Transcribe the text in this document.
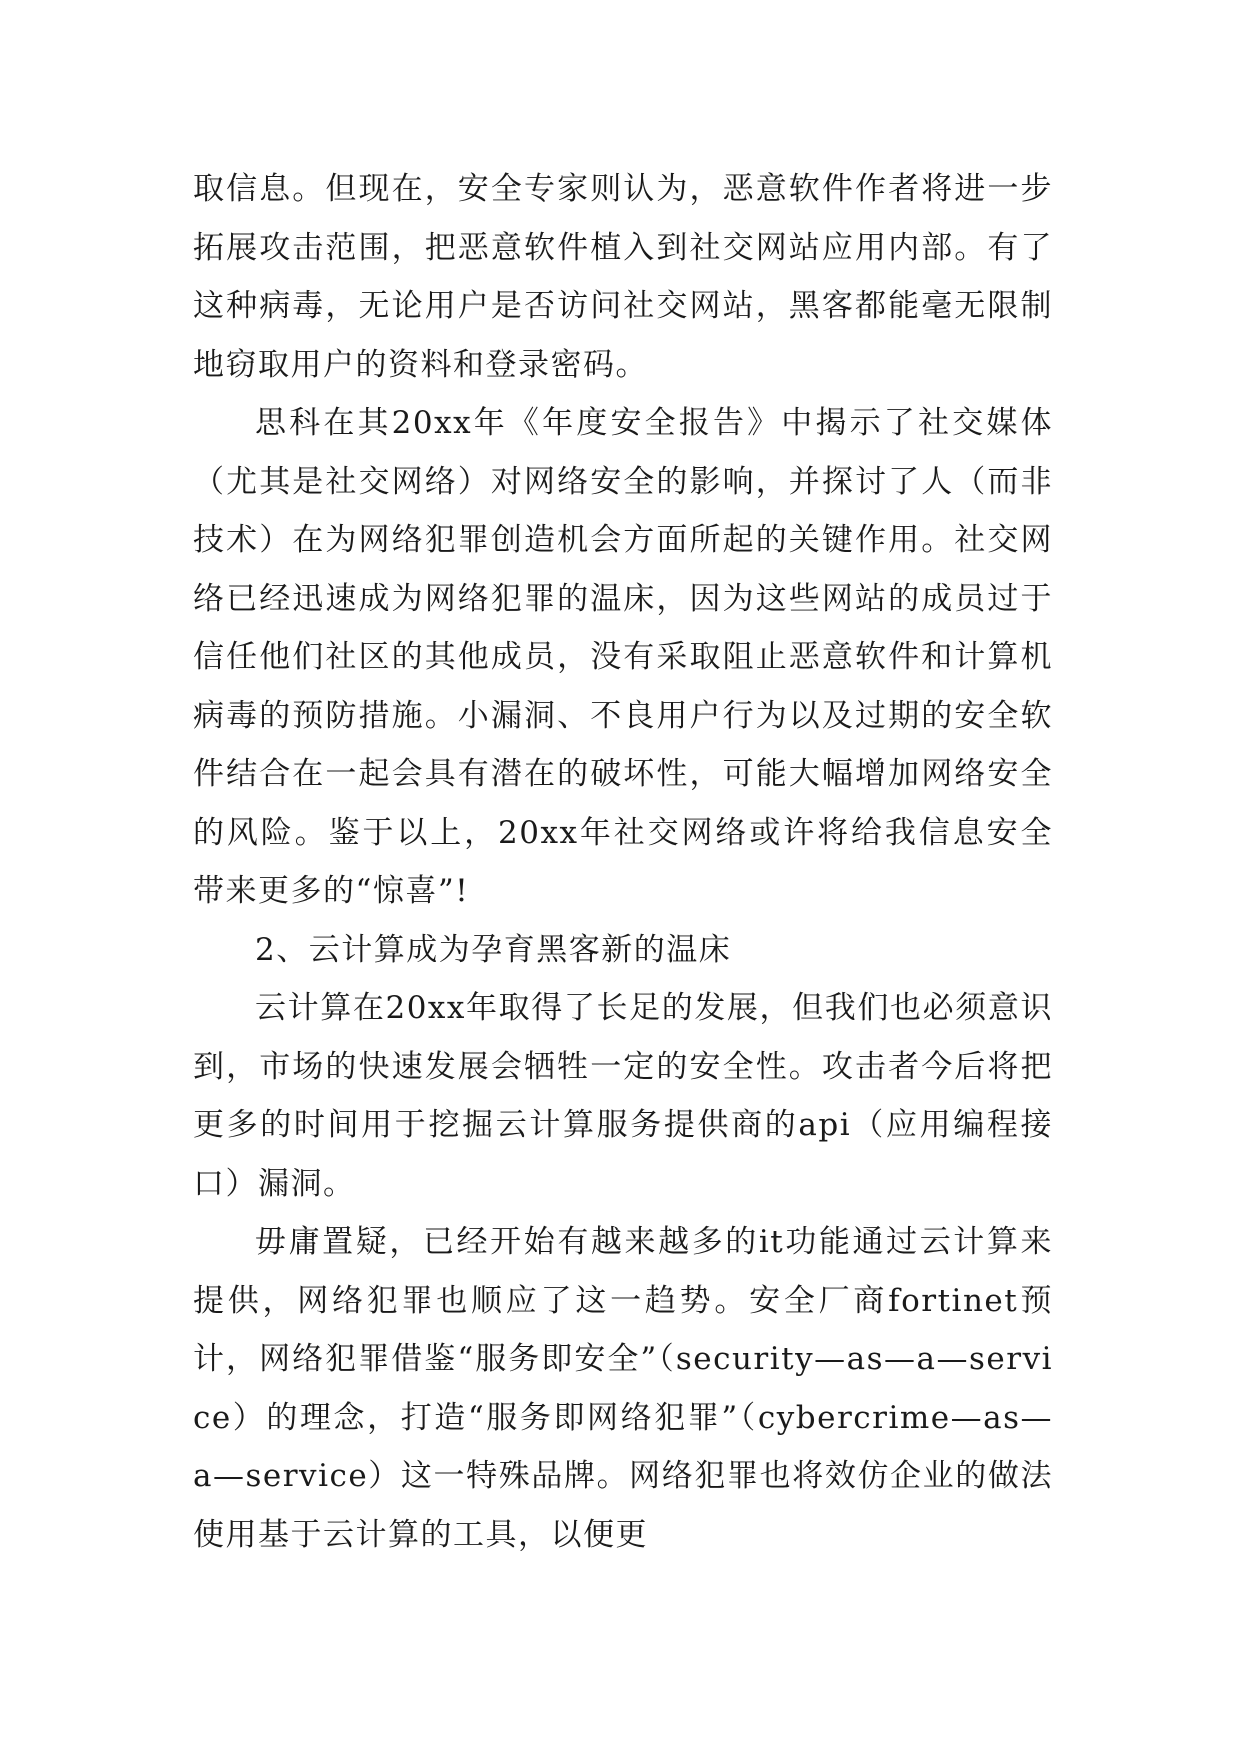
取信息。但现在，安全专家则认为，恶意软件作者将进一步拓展攻击范围，把恶意软件植入到社交网站应用内部。有了这种病毒，无论用户是否访问社交网站，黑客都能毫无限制地窃取用户的资料和登录密码。

思科在其20xx年《年度安全报告》中揭示了社交媒体（尤其是社交网络）对网络安全的影响，并探讨了人（而非技术）在为网络犯罪创造机会方面所起的关键作用。社交网络已经迅速成为网络犯罪的温床，因为这些网站的成员过于信任他们社区的其他成员，没有采取阻止恶意软件和计算机病毒的预防措施。小漏洞、不良用户行为以及过期的安全软件结合在一起会具有潜在的破坏性，可能大幅增加网络安全的风险。鉴于以上，20xx年社交网络或许将给我信息安全带来更多的“惊喜”!

2、云计算成为孕育黑客新的温床

云计算在20xx年取得了长足的发展，但我们也必须意识到，市场的快速发展会牺牲一定的安全性。攻击者今后将把更多的时间用于挖掘云计算服务提供商的api（应用编程接口）漏洞。

毋庸置疑，已经开始有越来越多的it功能通过云计算来提供，网络犯罪也顺应了这一趋势。安全厂商fortinet预计，网络犯罪借鉴“服务即安全”（security—as—a—service）的理念，打造“服务即网络犯罪”（cybercrime—as—a—service）这一特殊品牌。网络犯罪也将效仿企业的做法使用基于云计算的工具，以便更
